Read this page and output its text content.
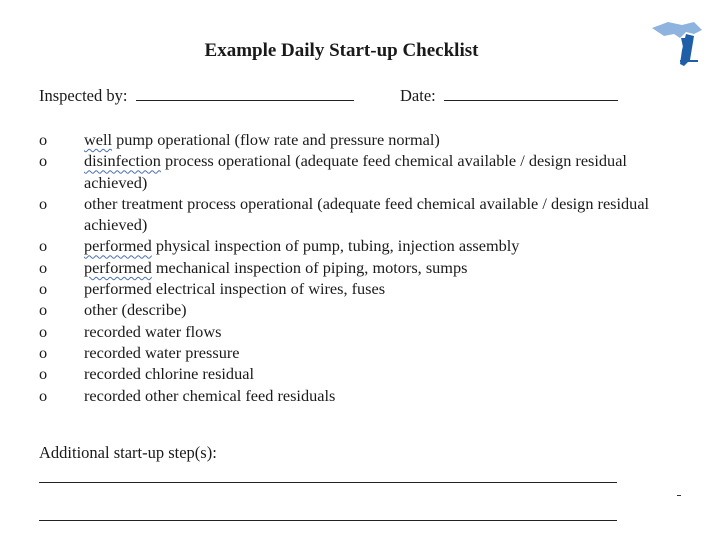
Example Daily Start-up Checklist
Inspected by:	Date:
o well pump operational (flow rate and pressure normal)
o disinfection process operational (adequate feed chemical available / design residual achieved)
o other treatment process operational (adequate feed chemical available / design residual achieved)
o performed physical inspection of pump, tubing, injection assembly
o performed mechanical inspection of piping, motors, sumps
o performed electrical inspection of wires, fuses
o other (describe)
o recorded water flows
o recorded water pressure
o recorded chlorine residual
o recorded other chemical feed residuals
Additional start-up step(s):
